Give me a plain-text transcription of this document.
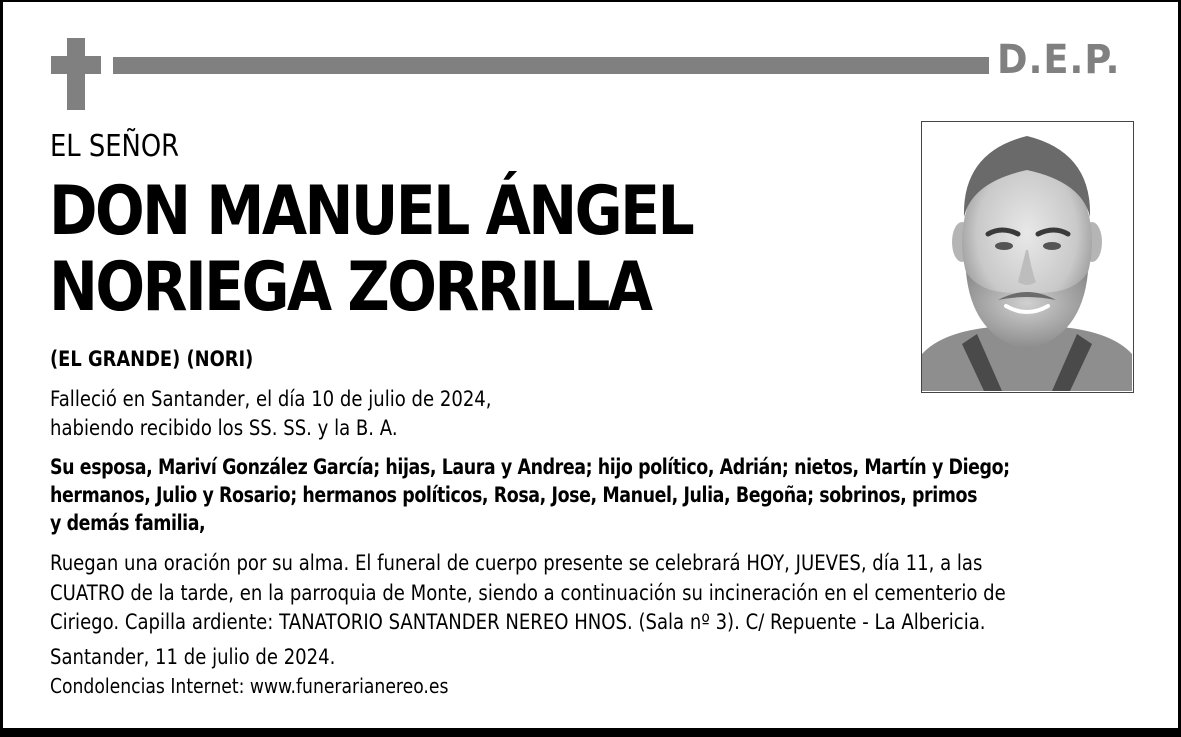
D.E.P.
EL SEÑOR
DON MANUEL ÁNGEL
NORIEGA ZORRILLA
(EL GRANDE) (NORI)
Falleció en Santander, el día 10 de julio de 2024,
habiendo recibido los SS. SS. y la B. A.
Su esposa, Mariví González García; hijas, Laura y Andrea; hijo político, Adrián; nietos, Martín y Diego;
hermanos, Julio y Rosario; hermanos políticos, Rosa, Jose, Manuel, Julia, Begoña; sobrinos, primos
y demás familia,
Ruegan una oración por su alma. El funeral de cuerpo presente se celebrará HOY, JUEVES, día 11, a las
CUATRO de la tarde, en la parroquia de Monte, siendo a continuación su incineración en el cementerio de
Ciriego. Capilla ardiente: TANATORIO SANTANDER NEREO HNOS. (Sala nº 3). C/ Repuente - La Albericia.
Santander, 11 de julio de 2024.
Condolencias Internet: www.funerarianereo.es
